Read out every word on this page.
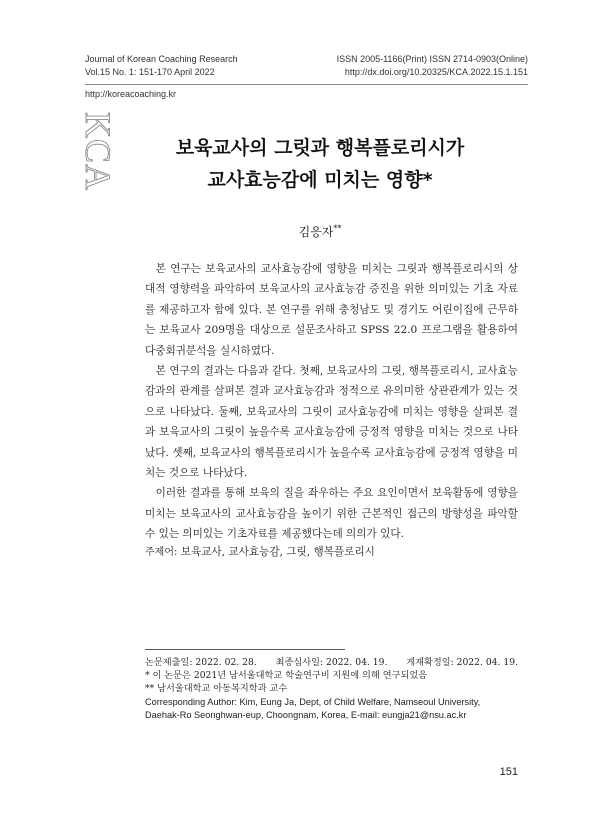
Journal of Korean Coaching Research	ISSN 2005-1166(Print) ISSN 2714-0903(Online)
Vol.15 No. 1: 151-170 April 2022	http://dx.doi.org/10.20325/KCA.2022.15.1.151
http://koreacoaching.kr
KCA	보육교사의 그릿과 행복플로리시가
교사효능감에 미치는 영향*
김응자**

본 연구는 보육교사의 교사효능감에 영향을 미치는 그릿과 행복플로리시의 상대적 영향력을 파악하여 보육교사의 교사효능감 증진을 위한 의미있는 기초 자료를 제공하고자 함에 있다. 본 연구를 위해 충청남도 및 경기도 어린이집에 근무하는 보육교사 209명을 대상으로 설문조사하고 SPSS 22.0 프로그램을 활용하여 다중회귀분석을 실시하였다.

본 연구의 결과는 다음과 같다. 첫째, 보육교사의 그릿, 행복플로리시, 교사효능감과의 관계를 살펴본 결과 교사효능감과 정적으로 유의미한 상관관계가 있는 것으로 나타났다. 둘째, 보육교사의 그릿이 교사효능감에 미치는 영향을 살펴본 결과 보육교사의 그릿이 높을수록 교사효능감에 긍정적 영향을 미치는 것으로 나타났다. 셋째, 보육교사의 행복플로리시가 높을수록 교사효능감에 긍정적 영향을 미치는 것으로 나타났다.

이러한 결과를 통해 보육의 질을 좌우하는 주요 요인이면서 보육활동에 영향을 미치는 보육교사의 교사효능감을 높이기 위한 근본적인 접근의 방향성을 파악할 수 있는 의미있는 기초자료를 제공했다는데 의의가 있다.

주제어: 보육교사, 교사효능감, 그릿, 행복플로리시
논문제출일: 2022. 02. 28. 최종심사일: 2022. 04. 19. 게재확정일: 2022. 04. 19.
* 이 논문은 2021년 남서울대학교 학술연구비 지원에 의해 연구되었음
** 남서울대학교 아동복지학과 교수
Corresponding Author: Kim, Eung Ja, Dept, of Child Welfare, Namseoul University,
Daehak-Ro Seonghwan-eup, Choongnam, Korea, E-mail: eungja21@nsu.ac.kr
151
